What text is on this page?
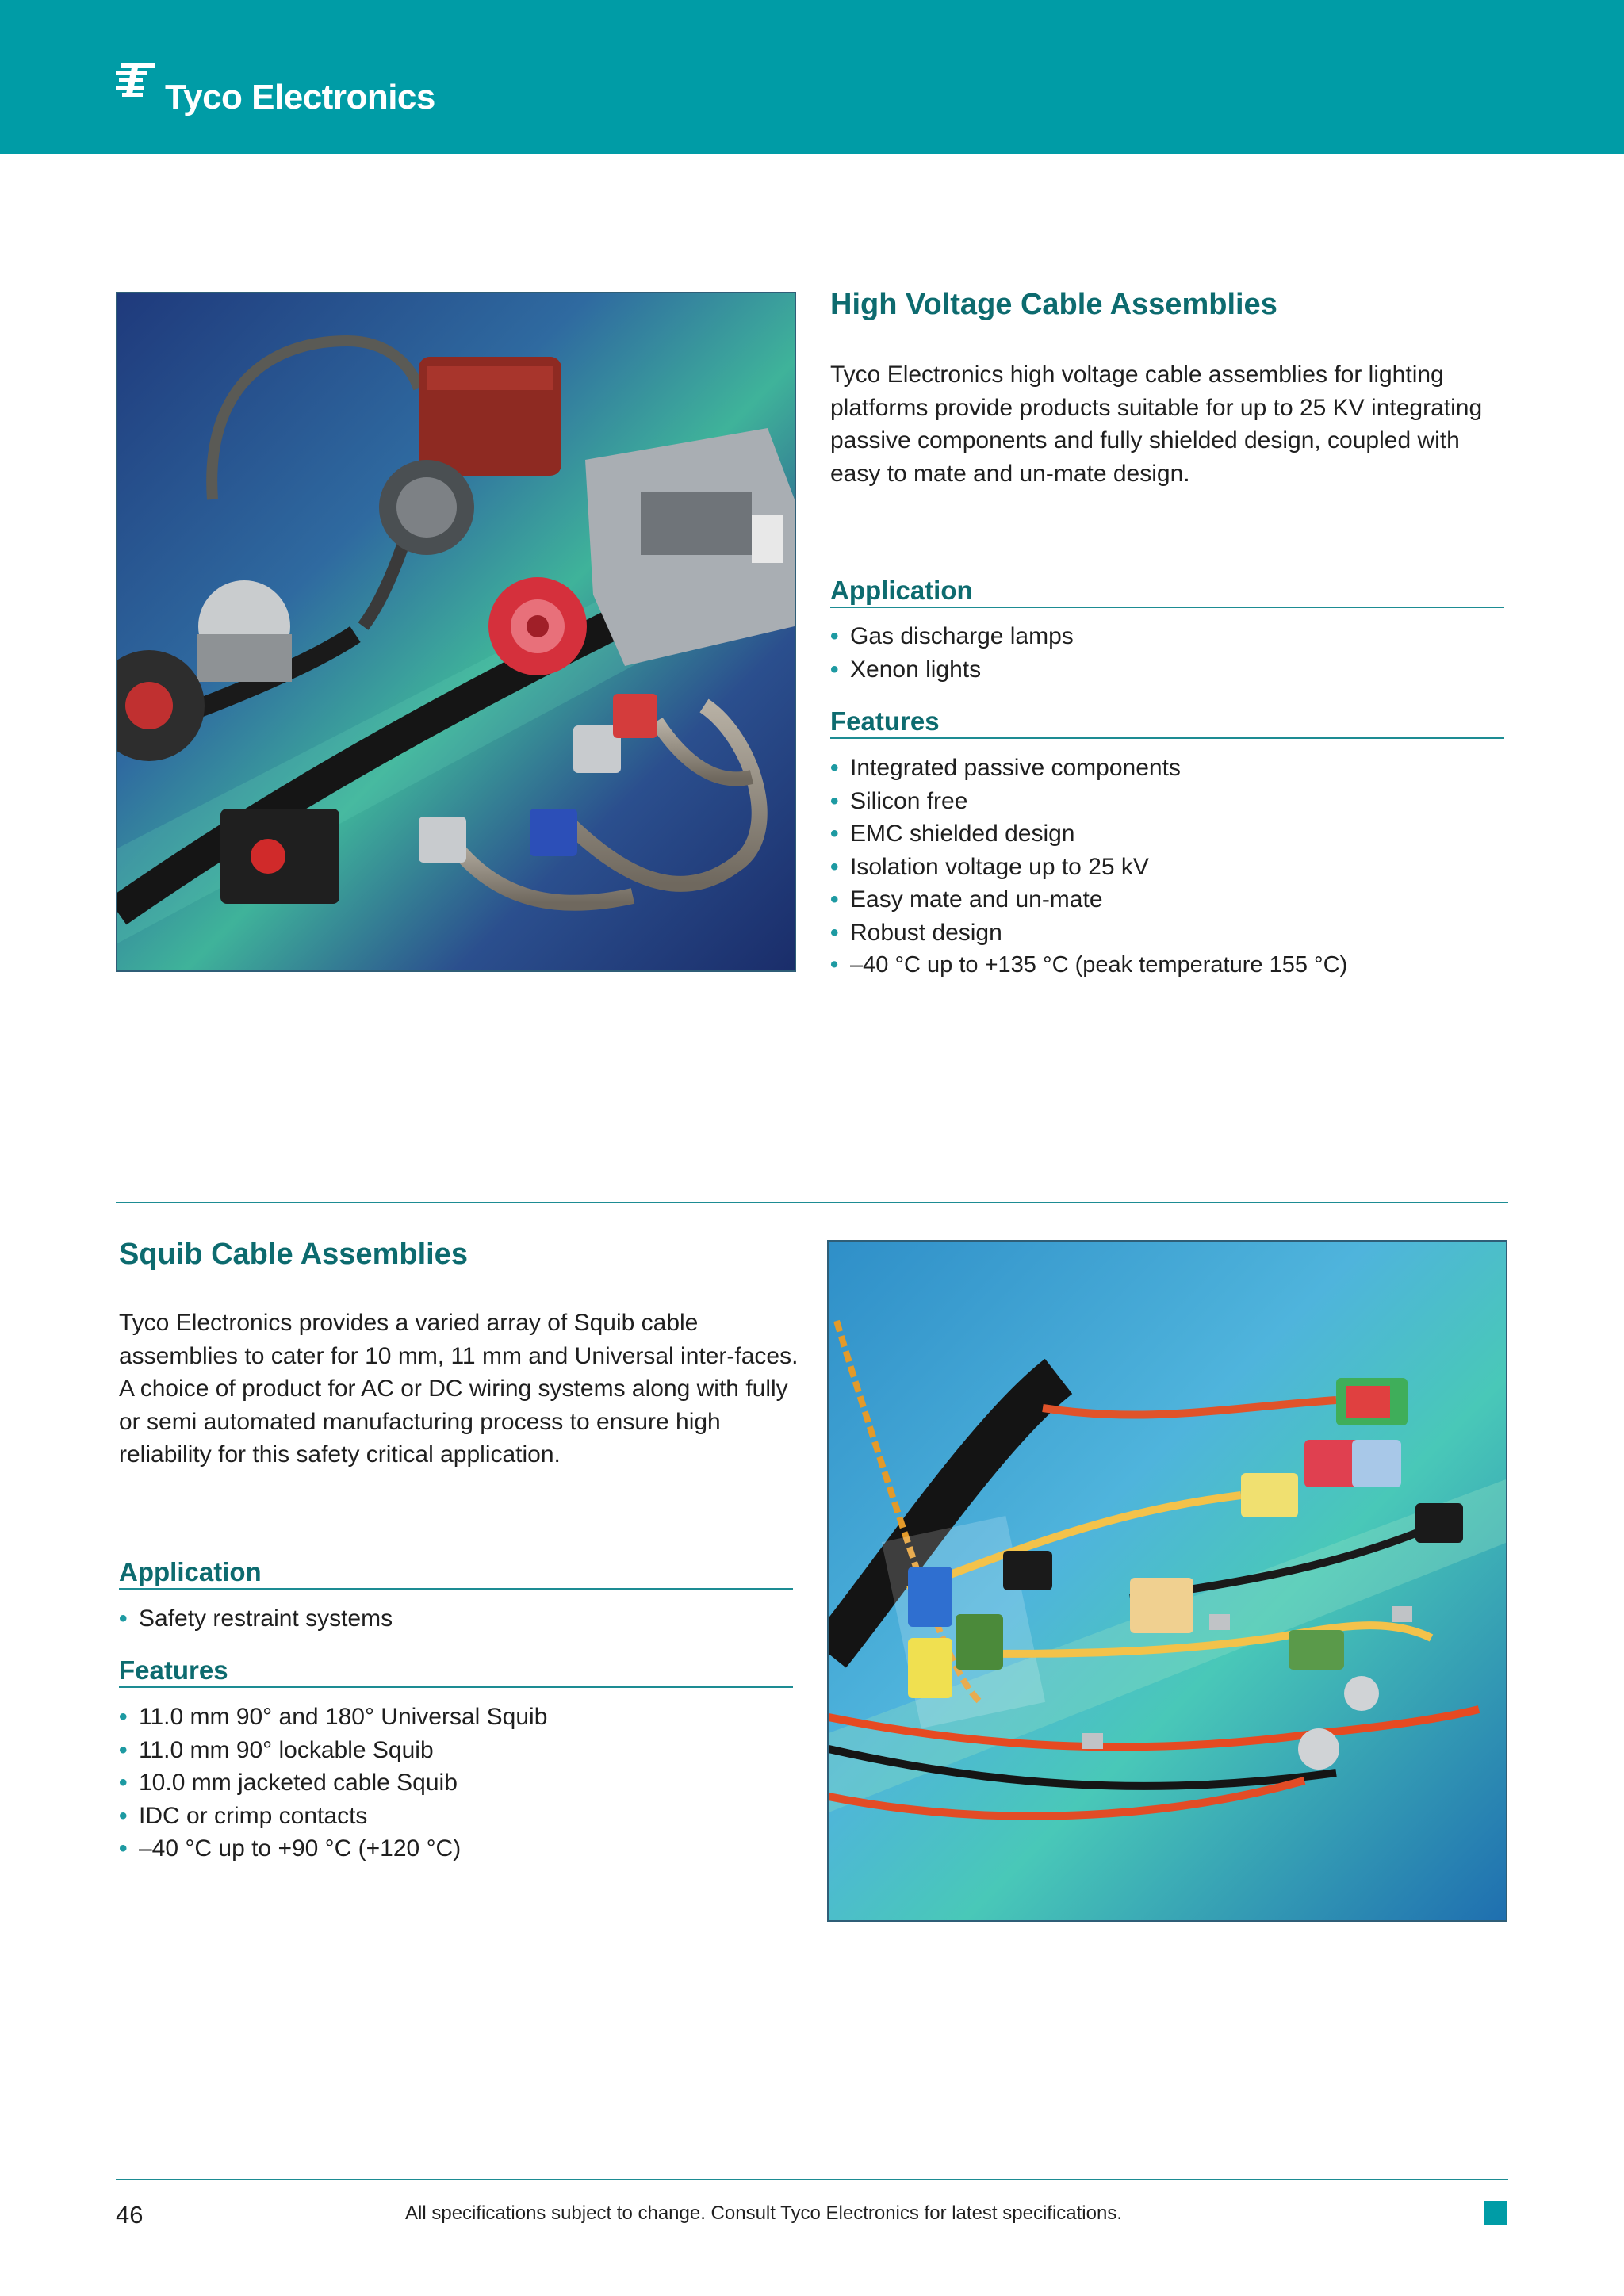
Tyco Electronics
High Voltage Cable Assemblies

Tyco Electronics high voltage cable assemblies for lighting platforms provide products suitable for up to 25 KV integrating passive components and fully shielded design, coupled with easy to mate and un-mate design.

Application
• Gas discharge lamps
• Xenon lights
Features
• Integrated passive components
• Silicon free
• EMC shielded design
• Isolation voltage up to 25 kV
• Easy mate and un-mate
• Robust design
• –40 °C up to +135 °C (peak temperature 155 °C)
Squib Cable Assemblies

Tyco Electronics provides a varied array of Squib cable assemblies to cater for 10 mm, 11 mm and Universal inter-faces. A choice of product for AC or DC wiring systems along with fully or semi automated manufacturing process to ensure high reliability for this safety critical application.

Application
• Safety restraint systems
Features
• 11.0 mm 90° and 180° Universal Squib
• 11.0 mm 90° lockable Squib
• 10.0 mm jacketed cable Squib
• IDC or crimp contacts
• –40 °C up to +90 °C (+120 °C)
46	All specifications subject to change. Consult Tyco Electronics for latest specifications.
